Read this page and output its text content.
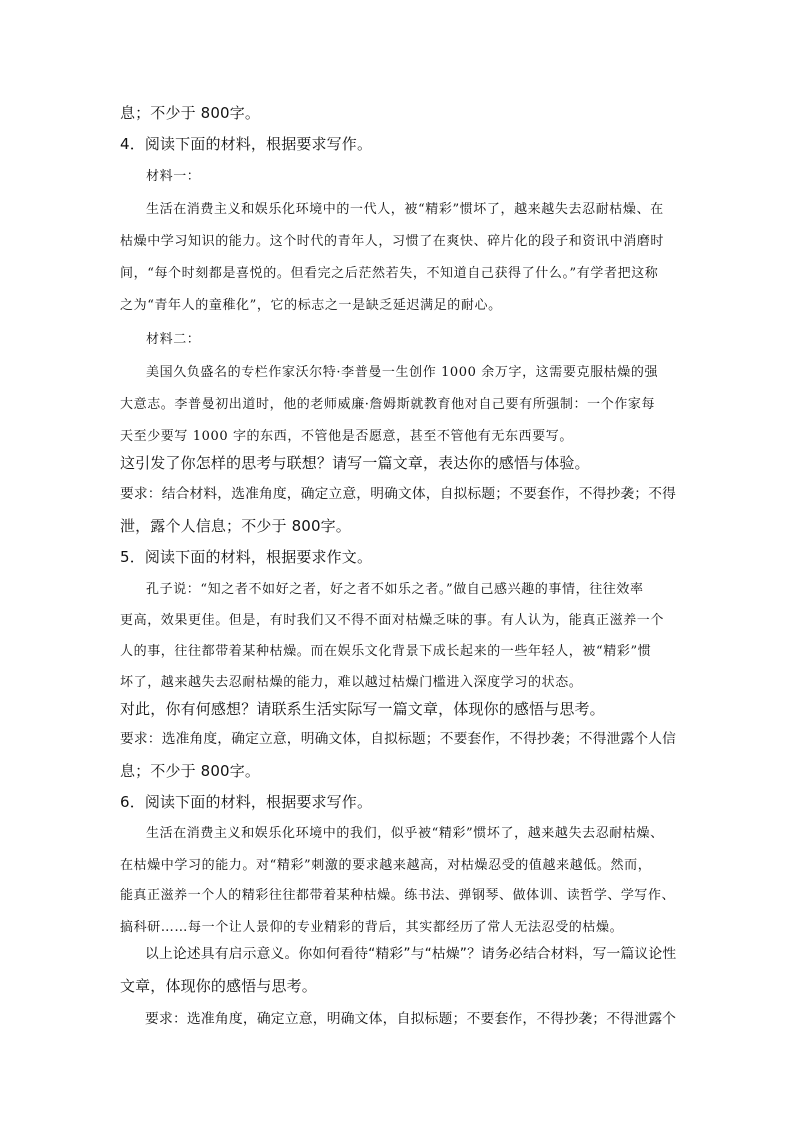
息；不少于 800字。
4．阅读下面的材料，根据要求写作。
材料一：
生活在消费主义和娱乐化环境中的一代人，被“精彩”惯坏了，越来越失去忍耐枯燥、在
枯燥中学习知识的能力。这个时代的青年人，习惯了在爽快、碎片化的段子和资讯中消磨时
间，“每个时刻都是喜悦的。但看完之后茫然若失，不知道自己获得了什么。”有学者把这称
之为“青年人的童稚化”，它的标志之一是缺乏延迟满足的耐心。
材料二：
美国久负盛名的专栏作家沃尔特·李普曼一生创作 1000 余万字，这需要克服枯燥的强
大意志。李普曼初出道时，他的老师威廉·詹姆斯就教育他对自己要有所强制：一个作家每
天至少要写 1000 字的东西，不管他是否愿意，甚至不管他有无东西要写。
这引发了你怎样的思考与联想？请写一篇文章，表达你的感悟与体验。
要求：结合材料，选准角度，确定立意，明确文体，自拟标题；不要套作，不得抄袭；不得
泄，露个人信息；不少于 800字。
5．阅读下面的材料，根据要求作文。
孔子说：“知之者不如好之者，好之者不如乐之者。”做自己感兴趣的事情，往往效率
更高，效果更佳。但是，有时我们又不得不面对枯燥乏味的事。有人认为，能真正滋养一个
人的事，往往都带着某种枯燥。而在娱乐文化背景下成长起来的一些年轻人，被“精彩”惯
坏了，越来越失去忍耐枯燥的能力，难以越过枯燥门槛进入深度学习的状态。
对此，你有何感想？请联系生活实际写一篇文章，体现你的感悟与思考。
要求：选准角度，确定立意，明确文体，自拟标题；不要套作，不得抄袭；不得泄露个人信
息；不少于 800字。
6．阅读下面的材料，根据要求写作。
生活在消费主义和娱乐化环境中的我们，似乎被“精彩”惯坏了，越来越失去忍耐枯燥、
在枯燥中学习的能力。对“精彩”刺激的要求越来越高，对枯燥忍受的值越来越低。然而，
能真正滋养一个人的精彩往往都带着某种枯燥。练书法、弹钢琴、做体训、读哲学、学写作、
搞科研……每一个让人景仰的专业精彩的背后，其实都经历了常人无法忍受的枯燥。
以上论述具有启示意义。你如何看待“精彩”与“枯燥”？请务必结合材料，写一篇议论性
文章，体现你的感悟与思考。
要求：选准角度，确定立意，明确文体，自拟标题；不要套作，不得抄袭；不得泄露个
